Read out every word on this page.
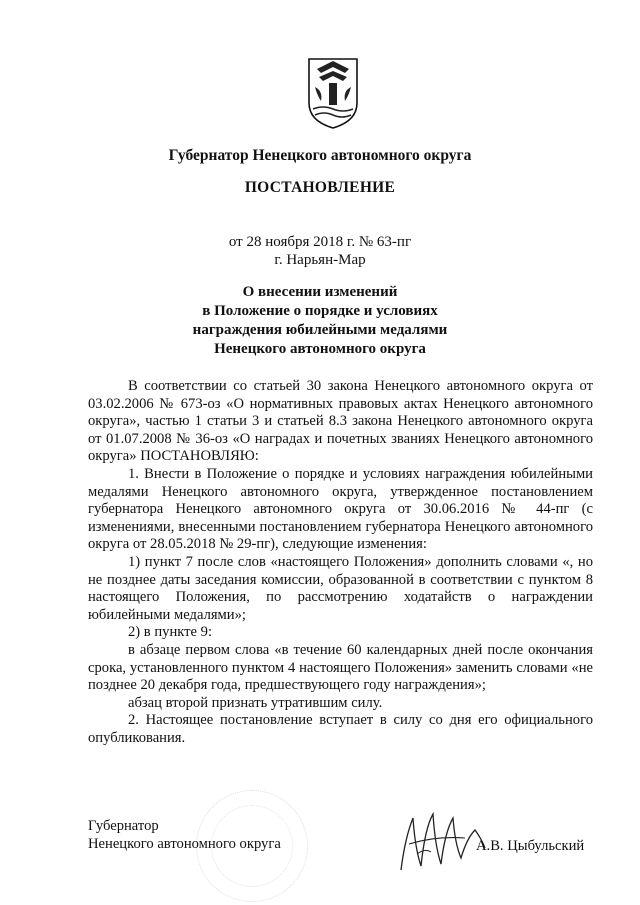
Губернатор Ненецкого автономного округа
ПОСТАНОВЛЕНИЕ
от 28 ноября 2018 г. № 63-пг
г. Нарьян-Мар
О внесении изменений
в Положение о порядке и условиях
награждения юбилейными медалями
Ненецкого автономного округа

В соответствии со статьей 30 закона Ненецкого автономного округа от 03.02.2006 № 673-оз «О нормативных правовых актах Ненецкого автономного округа», частью 1 статьи 3 и статьей 8.3 закона Ненецкого автономного округа от 01.07.2008 № 36-оз «О наградах и почетных званиях Ненецкого автономного округа» ПОСТАНОВЛЯЮ:

1. Внести в Положение о порядке и условиях награждения юбилейными медалями Ненецкого автономного округа, утвержденное постановлением губернатора Ненецкого автономного округа от 30.06.2016 № 44-пг (с изменениями, внесенными постановлением губернатора Ненецкого автономного округа от 28.05.2018 № 29-пг), следующие изменения:

1) пункт 7 после слов «настоящего Положения» дополнить словами «, но не позднее даты заседания комиссии, образованной в соответствии с пунктом 8 настоящего Положения, по рассмотрению ходатайств о награждении юбилейными медалями»;

2) в пункте 9:

в абзаце первом слова «в течение 60 календарных дней после окончания срока, установленного пунктом 4 настоящего Положения» заменить словами «не позднее 20 декабря года, предшествующего году награждения»;

абзац второй признать утратившим силу.

2. Настоящее постановление вступает в силу со дня его официального опубликования.

Губернатор
Ненецкого автономного округа	А.В. Цыбульский
